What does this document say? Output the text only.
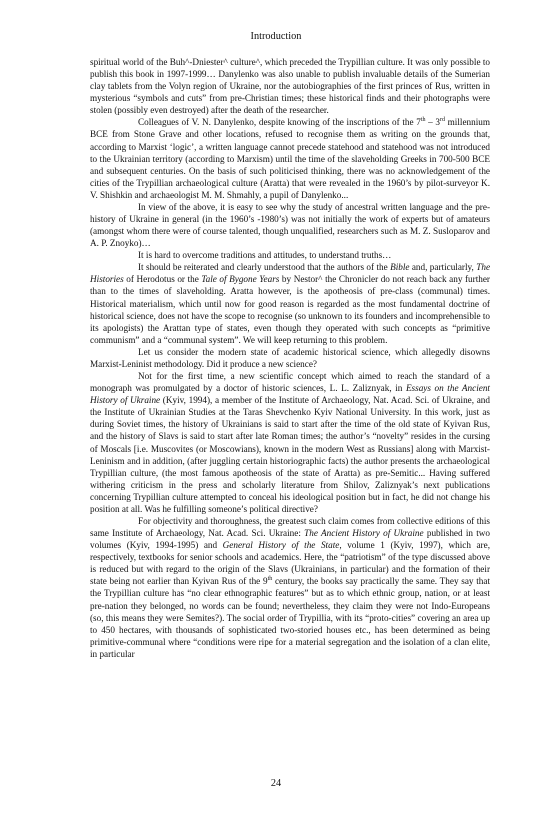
Introduction

spiritual world of the Buh^-Dniester^ culture^, which preceded the Trypillian culture. It was only possible to publish this book in 1997-1999… Danylenko was also unable to publish invaluable details of the Sumerian clay tablets from the Volyn region of Ukraine, nor the autobiographies of the first princes of Rus, written in mysterious “symbols and cuts” from pre-Christian times; these historical finds and their photographs were stolen (possibly even destroyed) after the death of the researcher.

Colleagues of V. N. Danylenko, despite knowing of the inscriptions of the 7th – 3rd millennium BCE from Stone Grave and other locations, refused to recognise them as writing on the grounds that, according to Marxist ‘logic’, a written language cannot precede statehood and statehood was not introduced to the Ukrainian territory (according to Marxism) until the time of the slaveholding Greeks in 700-500 BCE and subsequent centuries. On the basis of such politicised thinking, there was no acknowledgement of the cities of the Trypillian archaeological culture (Aratta) that were revealed in the 1960’s by pilot-surveyor K. V. Shishkin and archaeologist M. M. Shmahly, a pupil of Danylenko...

In view of the above, it is easy to see why the study of ancestral written language and the pre-history of Ukraine in general (in the 1960’s -1980’s) was not initially the work of experts but of amateurs (amongst whom there were of course talented, though unqualified, researchers such as M. Z. Susloparov and A. P. Znoyko)…

It is hard to overcome traditions and attitudes, to understand truths…

It should be reiterated and clearly understood that the authors of the Bible and, particularly, The Histories of Herodotus or the Tale of Bygone Years by Nestor^ the Chronicler do not reach back any further than to the times of slaveholding. Aratta however, is the apotheosis of pre-class (communal) times. Historical materialism, which until now for good reason is regarded as the most fundamental doctrine of historical science, does not have the scope to recognise (so unknown to its founders and incomprehensible to its apologists) the Arattan type of states, even though they operated with such concepts as “primitive communism” and a “communal system”. We will keep returning to this problem.

Let us consider the modern state of academic historical science, which allegedly disowns Marxist-Leninist methodology. Did it produce a new science?

Not for the first time, a new scientific concept which aimed to reach the standard of a monograph was promulgated by a doctor of historic sciences, L. L. Zaliznyak, in Essays on the Ancient History of Ukraine (Kyiv, 1994), a member of the Institute of Archaeology, Nat. Acad. Sci. of Ukraine, and the Institute of Ukrainian Studies at the Taras Shevchenko Kyiv National University. In this work, just as during Soviet times, the history of Ukrainians is said to start after the time of the old state of Kyivan Rus, and the history of Slavs is said to start after late Roman times; the author’s “novelty” resides in the cursing of Moscals [i.e. Muscovites (or Moscowians), known in the modern West as Russians] along with Marxist-Leninism and in addition, (after juggling certain historiographic facts) the author presents the archaeological Trypillian culture, (the most famous apotheosis of the state of Aratta) as pre-Semitic... Having suffered withering criticism in the press and scholarly literature from Shilov, Zaliznyak’s next publications concerning Trypillian culture attempted to conceal his ideological position but in fact, he did not change his position at all. Was he fulfilling someone’s political directive?

For objectivity and thoroughness, the greatest such claim comes from collective editions of this same Institute of Archaeology, Nat. Acad. Sci. Ukraine: The Ancient History of Ukraine published in two volumes (Kyiv, 1994-1995) and General History of the State, volume 1 (Kyiv, 1997), which are, respectively, textbooks for senior schools and academics. Here, the “patriotism” of the type discussed above is reduced but with regard to the origin of the Slavs (Ukrainians, in particular) and the formation of their state being not earlier than Kyivan Rus of the 9th century, the books say practically the same. They say that the Trypillian culture has “no clear ethnographic features” but as to which ethnic group, nation, or at least pre-nation they belonged, no words can be found; nevertheless, they claim they were not Indo-Europeans (so, this means they were Semites?). The social order of Trypillia, with its “proto-cities” covering an area up to 450 hectares, with thousands of sophisticated two-storied houses etc., has been determined as being primitive-communal where “conditions were ripe for a material segregation and the isolation of a clan elite, in particular

24
